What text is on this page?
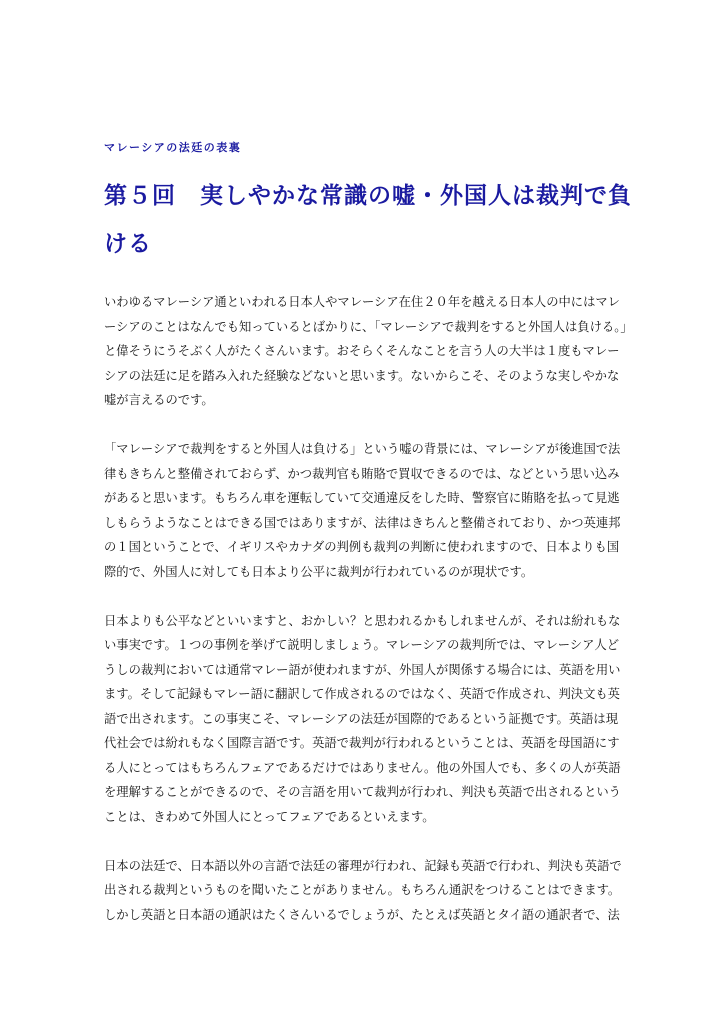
マレーシアの法廷の表裏
第５回　実しやかな常識の嘘・外国人は裁判で負
ける

いわゆるマレーシア通といわれる日本人やマレーシア在住２０年を越える日本人の中にはマレ
ーシアのことはなんでも知っているとばかりに、「マレーシアで裁判をすると外国人は負ける。」
と偉そうにうそぶく人がたくさんいます。おそらくそんなことを言う人の大半は１度もマレー
シアの法廷に足を踏み入れた経験などないと思います。ないからこそ、そのような実しやかな
嘘が言えるのです。

「マレーシアで裁判をすると外国人は負ける」という嘘の背景には、マレーシアが後進国で法
律もきちんと整備されておらず、かつ裁判官も賄賂で買収できるのでは、などという思い込み
があると思います。もちろん車を運転していて交通違反をした時、警察官に賄賂を払って見逃
しもらうようなことはできる国ではありますが、法律はきちんと整備されており、かつ英連邦
の１国ということで、イギリスやカナダの判例も裁判の判断に使われますので、日本よりも国
際的で、外国人に対しても日本より公平に裁判が行われているのが現状です。

日本よりも公平などといいますと、おかしい？と思われるかもしれませんが、それは紛れもな
い事実です。１つの事例を挙げて説明しましょう。マレーシアの裁判所では、マレーシア人ど
うしの裁判においては通常マレー語が使われますが、外国人が関係する場合には、英語を用い
ます。そして記録もマレー語に翻訳して作成されるのではなく、英語で作成され、判決文も英
語で出されます。この事実こそ、マレーシアの法廷が国際的であるという証拠です。英語は現
代社会では紛れもなく国際言語です。英語で裁判が行われるということは、英語を母国語にす
る人にとってはもちろんフェアであるだけではありません。他の外国人でも、多くの人が英語
を理解することができるので、その言語を用いて裁判が行われ、判決も英語で出されるという
ことは、きわめて外国人にとってフェアであるといえます。

日本の法廷で、日本語以外の言語で法廷の審理が行われ、記録も英語で行われ、判決も英語で
出される裁判というものを聞いたことがありません。もちろん通訳をつけることはできます。
しかし英語と日本語の通訳はたくさんいるでしょうが、たとえば英語とタイ語の通訳者で、法
